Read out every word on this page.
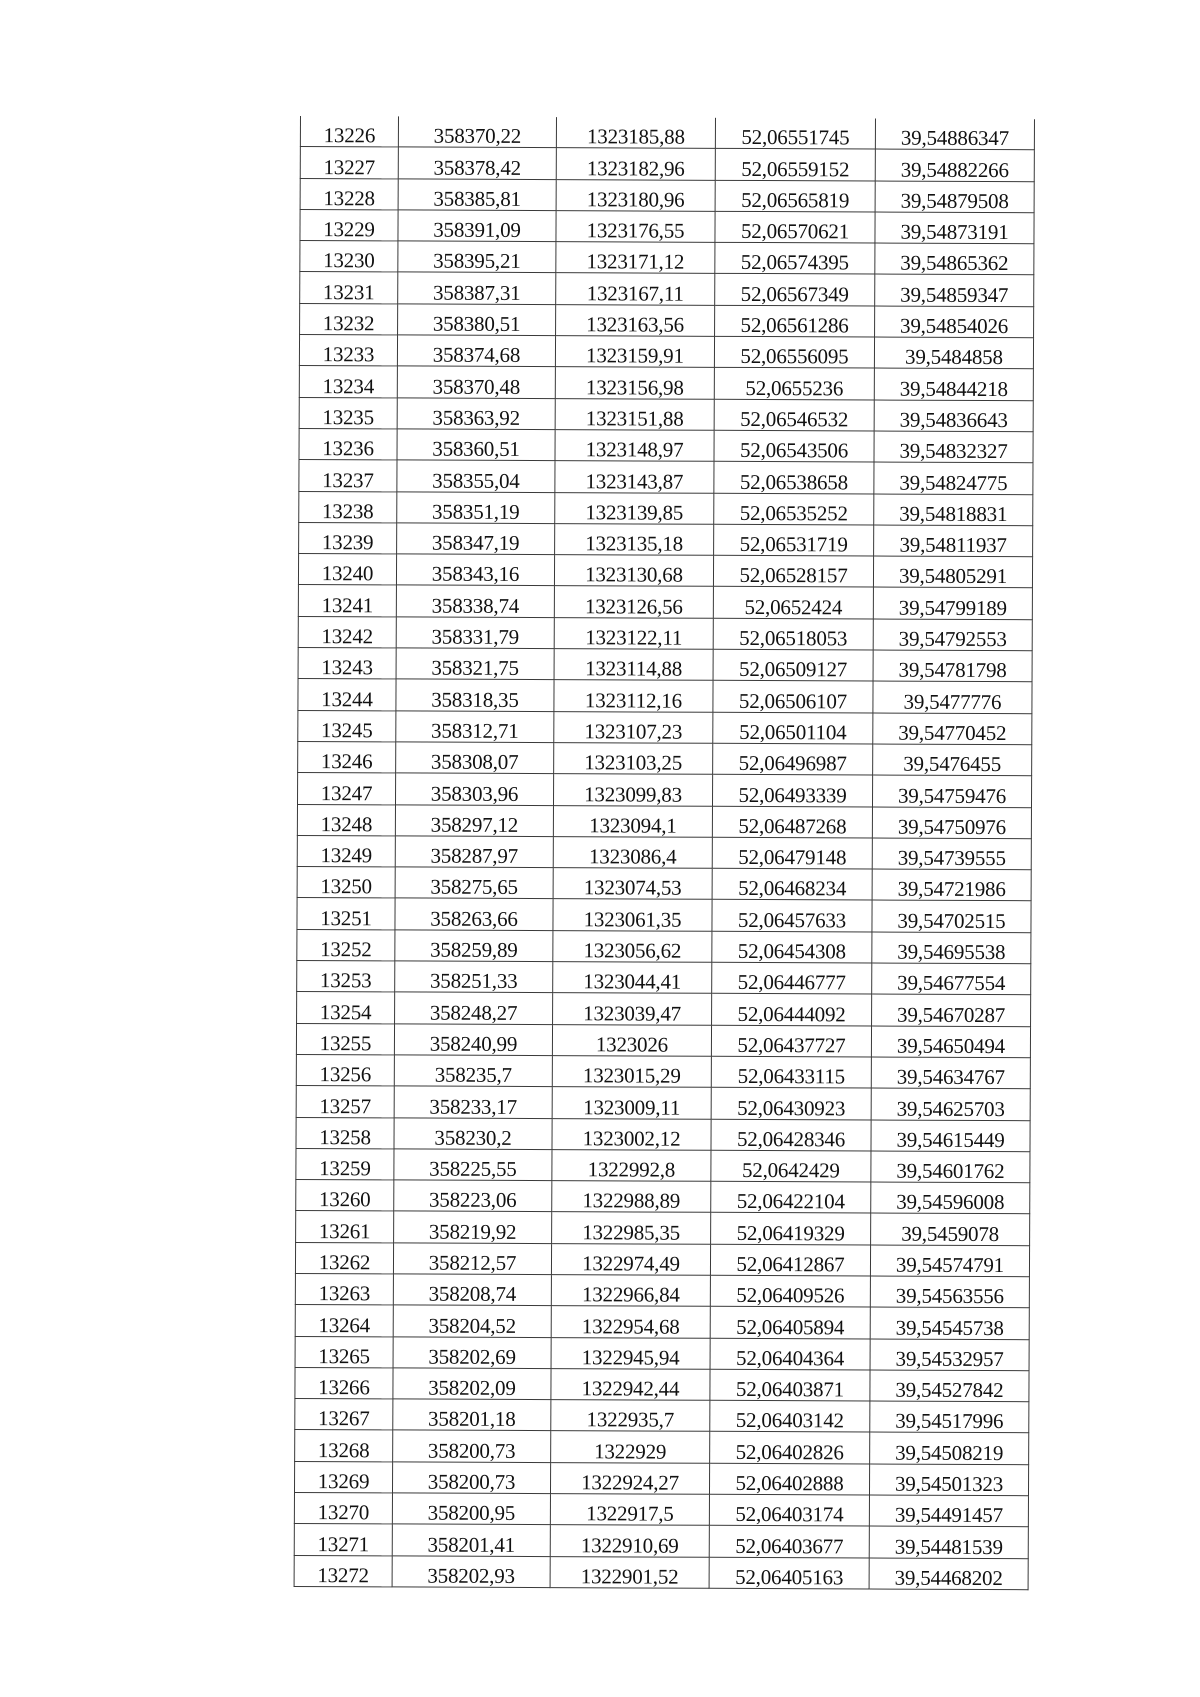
13226	358370,22	1323185,88	52,06551745	39,54886347
13227	358378,42	1323182,96	52,06559152	39,54882266
13228	358385,81	1323180,96	52,06565819	39,54879508
13229	358391,09	1323176,55	52,06570621	39,54873191
13230	358395,21	1323171,12	52,06574395	39,54865362
13231	358387,31	1323167,11	52,06567349	39,54859347
13232	358380,51	1323163,56	52,06561286	39,54854026
13233	358374,68	1323159,91	52,06556095	39,5484858
13234	358370,48	1323156,98	52,0655236	39,54844218
13235	358363,92	1323151,88	52,06546532	39,54836643
13236	358360,51	1323148,97	52,06543506	39,54832327
13237	358355,04	1323143,87	52,06538658	39,54824775
13238	358351,19	1323139,85	52,06535252	39,54818831
13239	358347,19	1323135,18	52,06531719	39,54811937
13240	358343,16	1323130,68	52,06528157	39,54805291
13241	358338,74	1323126,56	52,0652424	39,54799189
13242	358331,79	1323122,11	52,06518053	39,54792553
13243	358321,75	1323114,88	52,06509127	39,54781798
13244	358318,35	1323112,16	52,06506107	39,5477776
13245	358312,71	1323107,23	52,06501104	39,54770452
13246	358308,07	1323103,25	52,06496987	39,5476455
13247	358303,96	1323099,83	52,06493339	39,54759476
13248	358297,12	1323094,1	52,06487268	39,54750976
13249	358287,97	1323086,4	52,06479148	39,54739555
13250	358275,65	1323074,53	52,06468234	39,54721986
13251	358263,66	1323061,35	52,06457633	39,54702515
13252	358259,89	1323056,62	52,06454308	39,54695538
13253	358251,33	1323044,41	52,06446777	39,54677554
13254	358248,27	1323039,47	52,06444092	39,54670287
13255	358240,99	1323026	52,06437727	39,54650494
13256	358235,7	1323015,29	52,06433115	39,54634767
13257	358233,17	1323009,11	52,06430923	39,54625703
13258	358230,2	1323002,12	52,06428346	39,54615449
13259	358225,55	1322992,8	52,0642429	39,54601762
13260	358223,06	1322988,89	52,06422104	39,54596008
13261	358219,92	1322985,35	52,06419329	39,5459078
13262	358212,57	1322974,49	52,06412867	39,54574791
13263	358208,74	1322966,84	52,06409526	39,54563556
13264	358204,52	1322954,68	52,06405894	39,54545738
13265	358202,69	1322945,94	52,06404364	39,54532957
13266	358202,09	1322942,44	52,06403871	39,54527842
13267	358201,18	1322935,7	52,06403142	39,54517996
13268	358200,73	1322929	52,06402826	39,54508219
13269	358200,73	1322924,27	52,06402888	39,54501323
13270	358200,95	1322917,5	52,06403174	39,54491457
13271	358201,41	1322910,69	52,06403677	39,54481539
13272	358202,93	1322901,52	52,06405163	39,54468202
